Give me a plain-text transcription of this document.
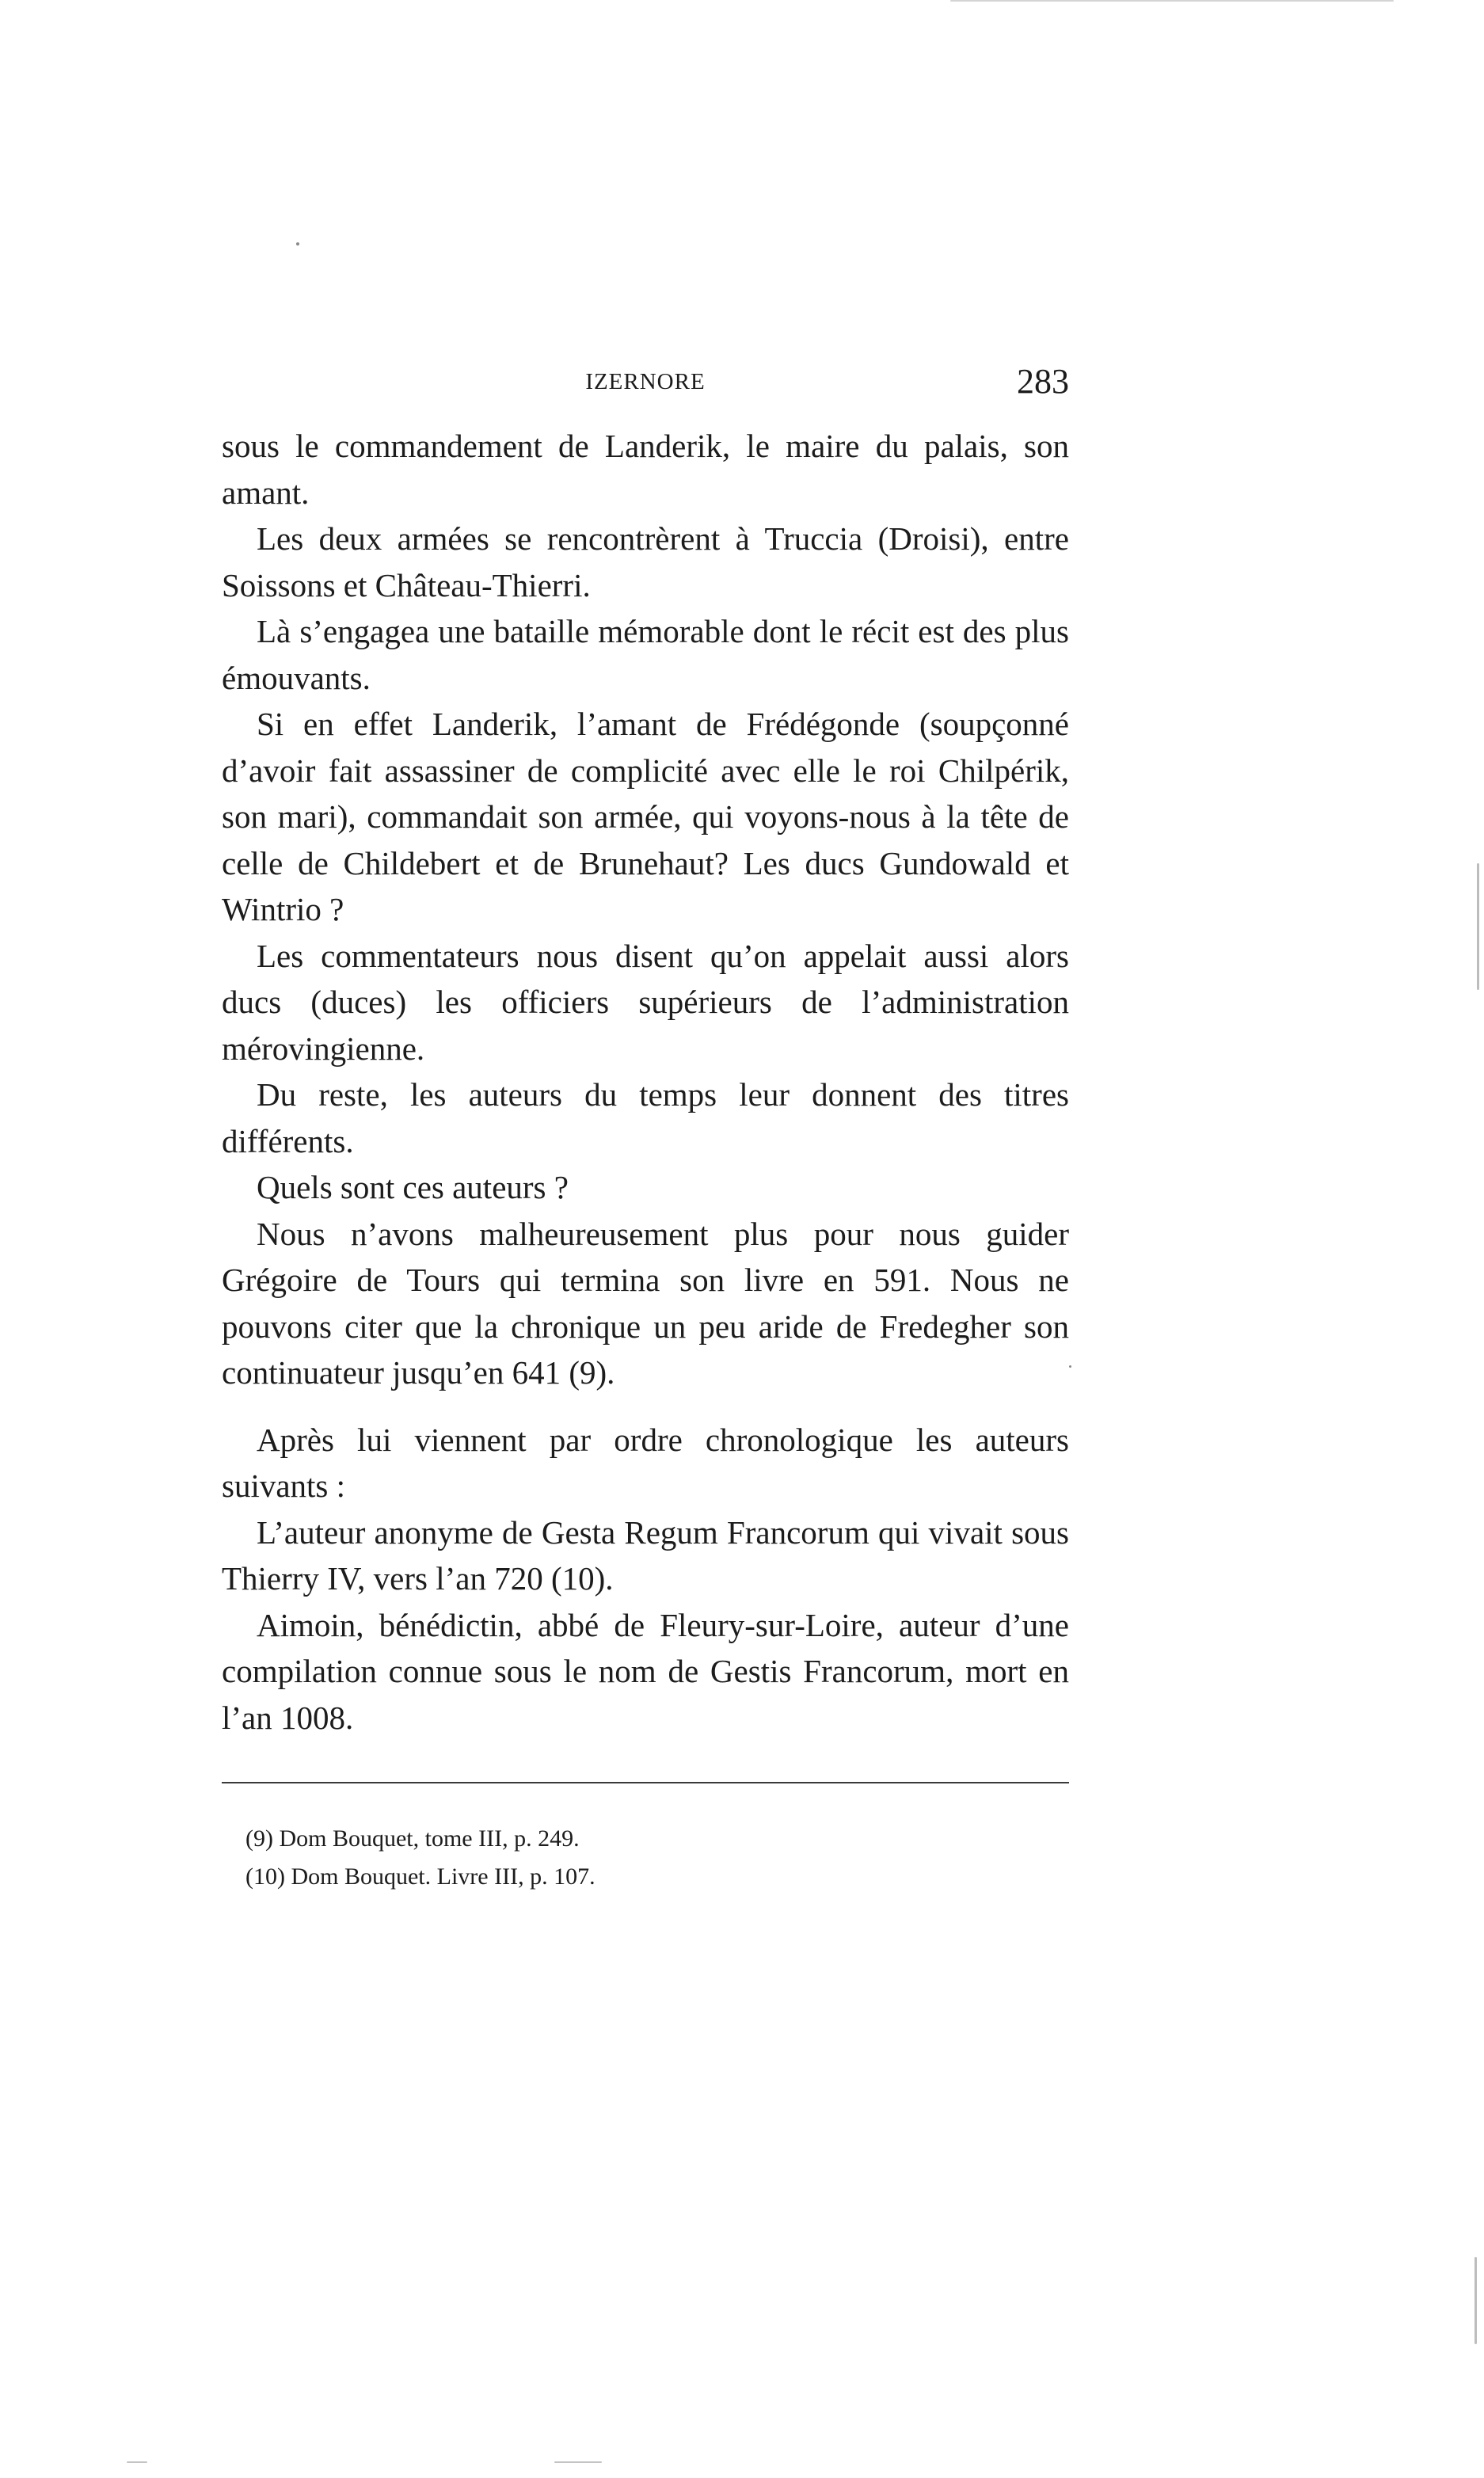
IZERNORE	283

sous le commandement de Landerik, le maire du palais, son amant.

Les deux armées se rencontrèrent à Truccia (Droisi), entre Soissons et Château-Thierri.

Là s’engagea une bataille mémorable dont le récit est des plus émouvants.

Si en effet Landerik, l’amant de Frédégonde (soupçonné d’avoir fait assassiner de complicité avec elle le roi Chilpérik, son mari), commandait son armée, qui voyons-nous à la tête de celle de Childebert et de Brunehaut? Les ducs Gundowald et Wintrio ?

Les commentateurs nous disent qu’on appelait aussi alors ducs (duces) les officiers supérieurs de l’administration mérovingienne.

Du reste, les auteurs du temps leur donnent des titres différents.

Quels sont ces auteurs ?

Nous n’avons malheureusement plus pour nous guider Grégoire de Tours qui termina son livre en 591. Nous ne pouvons citer que la chronique un peu aride de Fredegher son continuateur jusqu’en 641 (9).

Après lui viennent par ordre chronologique les auteurs suivants :

L’auteur anonyme de Gesta Regum Francorum qui vivait sous Thierry IV, vers l’an 720 (10).

Aimoin, bénédictin, abbé de Fleury-sur-Loire, auteur d’une compilation connue sous le nom de Gestis Francorum, mort en l’an 1008.

(9) Dom Bouquet, tome III, p. 249.

(10) Dom Bouquet. Livre III, p. 107.
